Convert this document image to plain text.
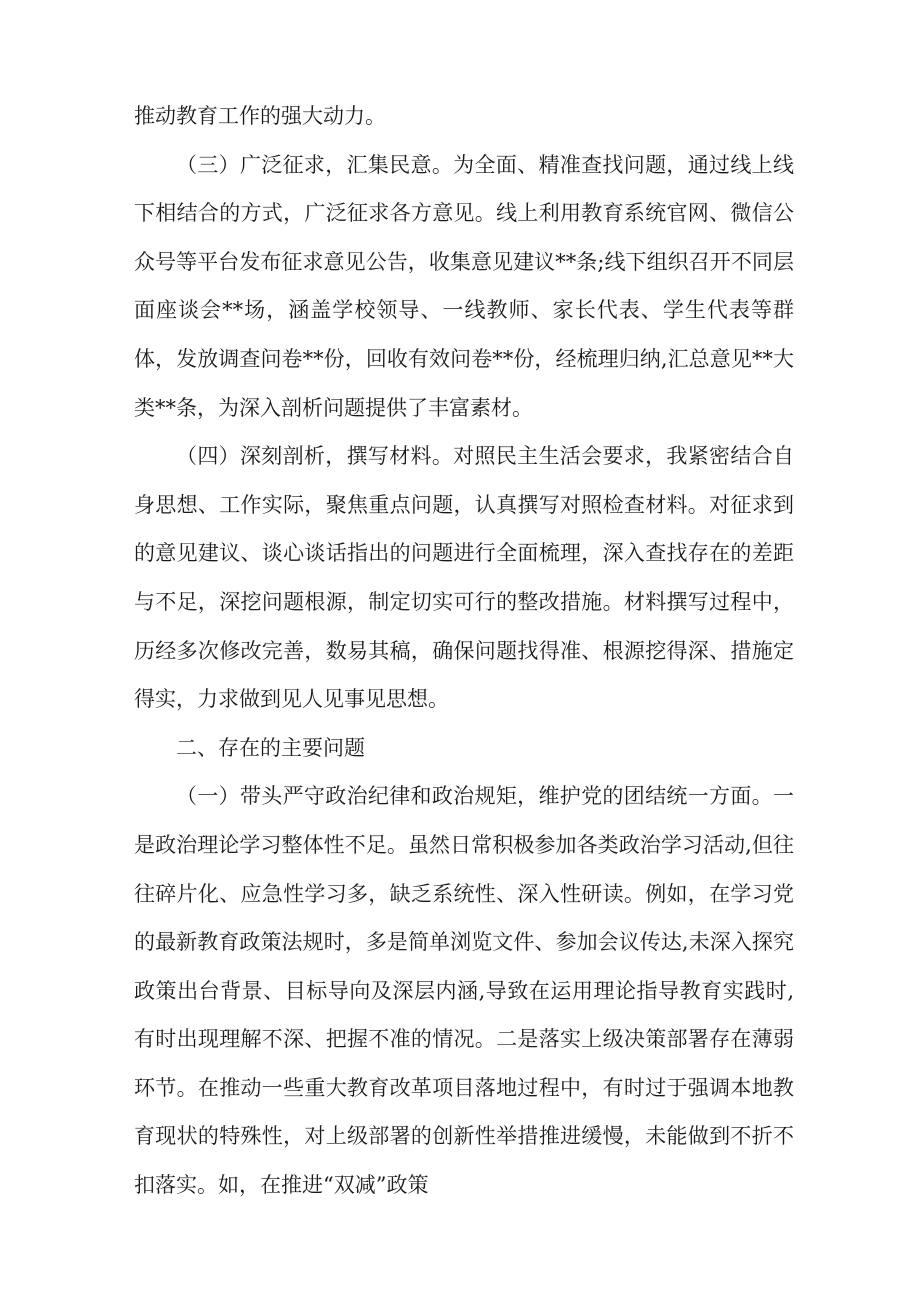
推动教育工作的强大动力。

（三）广泛征求，汇集民意。为全面、精准查找问题，通过线上线下相结合的方式，广泛征求各方意见。线上利用教育系统官网、微信公众号等平台发布征求意见公告，收集意见建议**条;线下组织召开不同层面座谈会**场，涵盖学校领导、一线教师、家长代表、学生代表等群体，发放调查问卷**份，回收有效问卷**份，经梳理归纳,汇总意见**大类**条，为深入剖析问题提供了丰富素材。

（四）深刻剖析，撰写材料。对照民主生活会要求，我紧密结合自身思想、工作实际，聚焦重点问题，认真撰写对照检查材料。对征求到的意见建议、谈心谈话指出的问题进行全面梳理，深入查找存在的差距与不足，深挖问题根源，制定切实可行的整改措施。材料撰写过程中，历经多次修改完善，数易其稿，确保问题找得准、根源挖得深、措施定得实，力求做到见人见事见思想。

二、存在的主要问题

（一）带头严守政治纪律和政治规矩，维护党的团结统一方面。一是政治理论学习整体性不足。虽然日常积极参加各类政治学习活动,但往往碎片化、应急性学习多，缺乏系统性、深入性研读。例如，在学习党的最新教育政策法规时，多是简单浏览文件、参加会议传达,未深入探究政策出台背景、目标导向及深层内涵,导致在运用理论指导教育实践时,有时出现理解不深、把握不准的情况。二是落实上级决策部署存在薄弱环节。在推动一些重大教育改革项目落地过程中，有时过于强调本地教育现状的特殊性，对上级部署的创新性举措推进缓慢，未能做到不折不扣落实。如，在推进“双减”政策
